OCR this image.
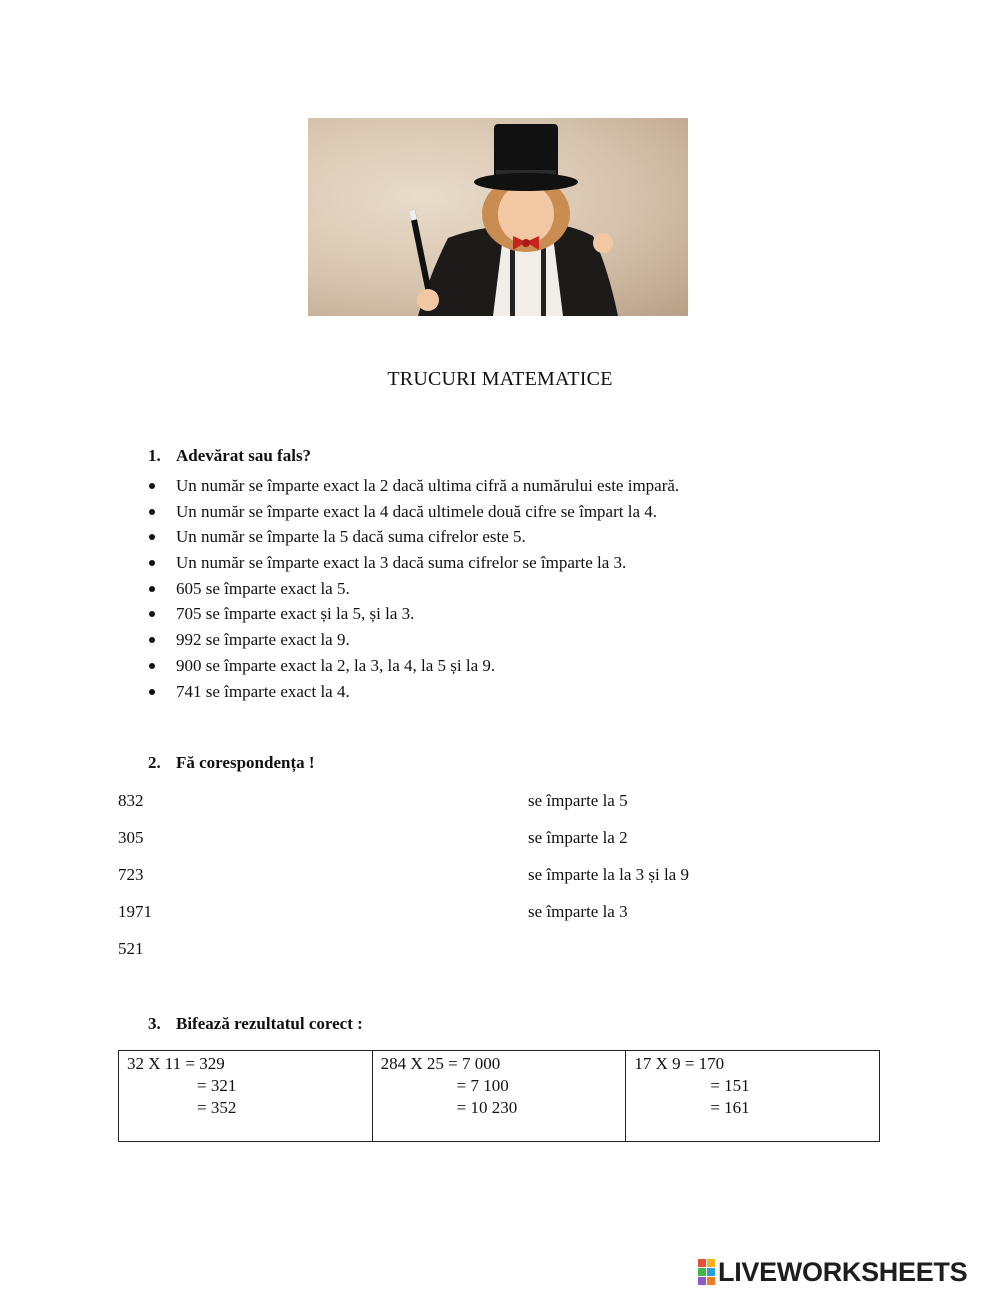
TRUCURI MATEMATICE
1. Adevărat sau fals?
Un număr se împarte exact la 2 dacă ultima cifră a numărului este impară.
Un număr se împarte exact la 4 dacă ultimele două cifre se împart la 4.
Un număr se împarte la 5 dacă suma cifrelor este 5.
Un număr se împarte exact la 3 dacă suma cifrelor se împarte la 3.
605 se împarte exact la 5.
705 se împarte exact și la 5, și la 3.
992 se împarte exact la 9.
900 se împarte exact la 2, la 3, la 4, la 5 și la 9.
741 se împarte exact la 4.
2. Fă corespondența !
832
305
723
1971
521
se împarte la 5
se împarte la 2
se împarte la la 3 și la 9
se împarte la 3
3. Bifează rezultatul corect :
32 X 11 = 329
= 321
= 352

284 X 25 = 7 000
= 7 100
= 10 230

17 X 9 = 170
= 151
= 161
LIVEWORKSHEETS
